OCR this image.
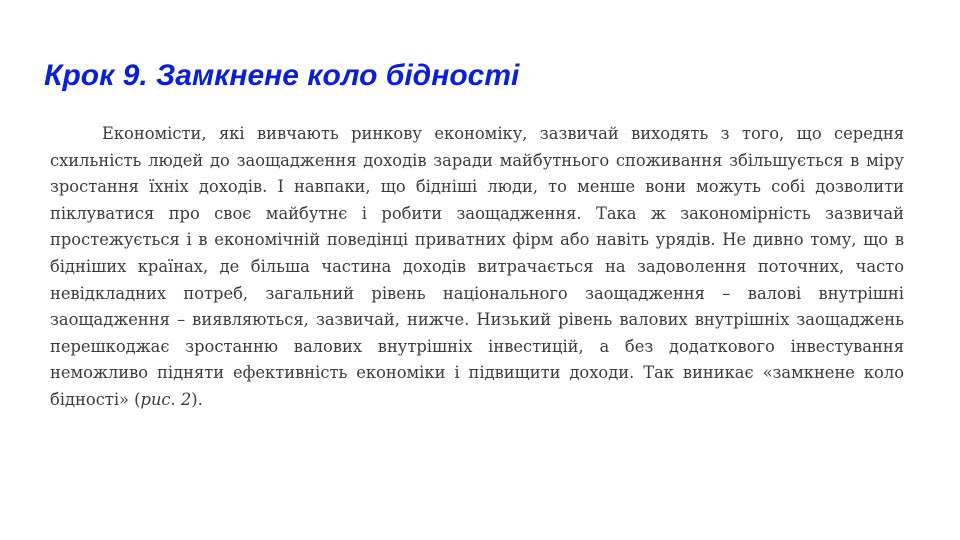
Крок 9. Замкнене коло бідності

Економісти, які вивчають ринкову економіку, зазвичай виходять з того, що середня схильність людей до заощадження доходів заради майбутнього споживання збільшується в міру зростання їхніх доходів. І навпаки, що бідніші люди, то менше вони можуть собі дозволити піклуватися про своє майбутнє і робити заощадження. Така ж закономірність зазвичай простежується і в економічній поведінці приватних фірм або навіть урядів. Не дивно тому, що в бідніших країнах, де більша частина доходів витрачається на задоволення поточних, часто невідкладних потреб, загальний рівень національного заощадження – валові внутрішні заощадження – виявляються, зазвичай, нижче. Низький рівень валових внутрішніх заощаджень перешкоджає зростанню валових внутрішніх інвестицій, а без додаткового інвестування неможливо підняти ефективність економіки і підвищити доходи. Так виникає «замкнене коло бідності» (рис. 2).
